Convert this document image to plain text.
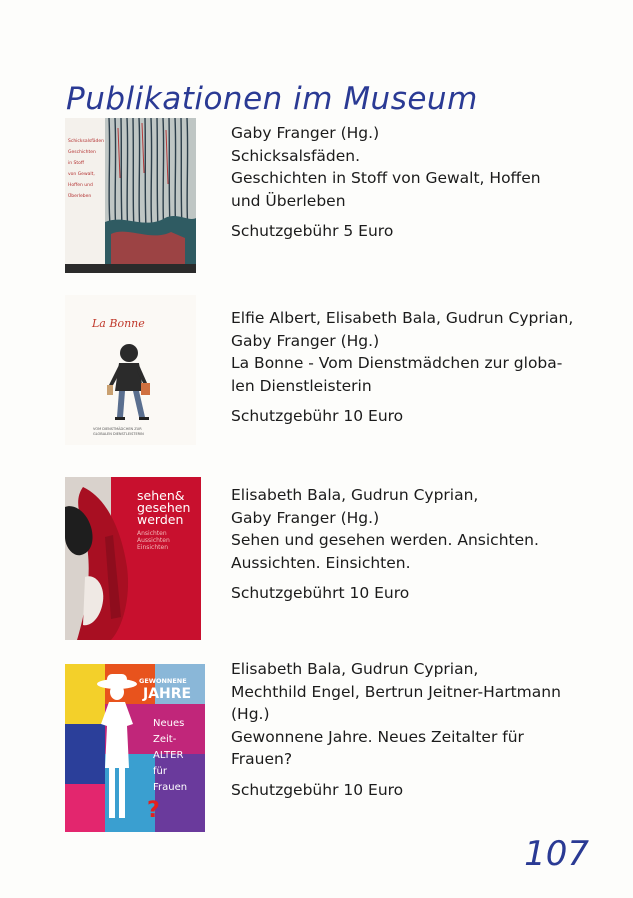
Publikationen im Museum
Schicksalsfäden
Geschichten
in Stoff
von Gewalt,
Hoffen und
Überleben
Gaby Franger (Hg.)
Schicksalsfäden.
Geschichten in Stoff von Gewalt, Hoffen
und Überleben
Schutzgebühr 5 Euro
La Bonne
VOM DIENSTMÄDCHEN ZUR
GLOBALEN DIENSTLEISTERIN
Elfie Albert, Elisabeth Bala, Gudrun Cyprian,
Gaby Franger (Hg.)
La Bonne - Vom Dienstmädchen zur globa-
len Dienstleisterin
Schutzgebühr 10 Euro
sehen&
gesehen
werden
Ansichten
Aussichten
Einsichten
Elisabeth Bala, Gudrun Cyprian,
Gaby Franger (Hg.)
Sehen und gesehen werden. Ansichten.
Aussichten. Einsichten.
Schutzgebührt 10 Euro
GEWONNENE
JAHRE
Neues
Zeit-
ALTER
für
Frauen
?
Elisabeth Bala, Gudrun Cyprian,
Mechthild Engel, Bertrun Jeitner-Hartmann
(Hg.)
Gewonnene Jahre. Neues Zeitalter für
Frauen?
Schutzgebühr 10 Euro
107
